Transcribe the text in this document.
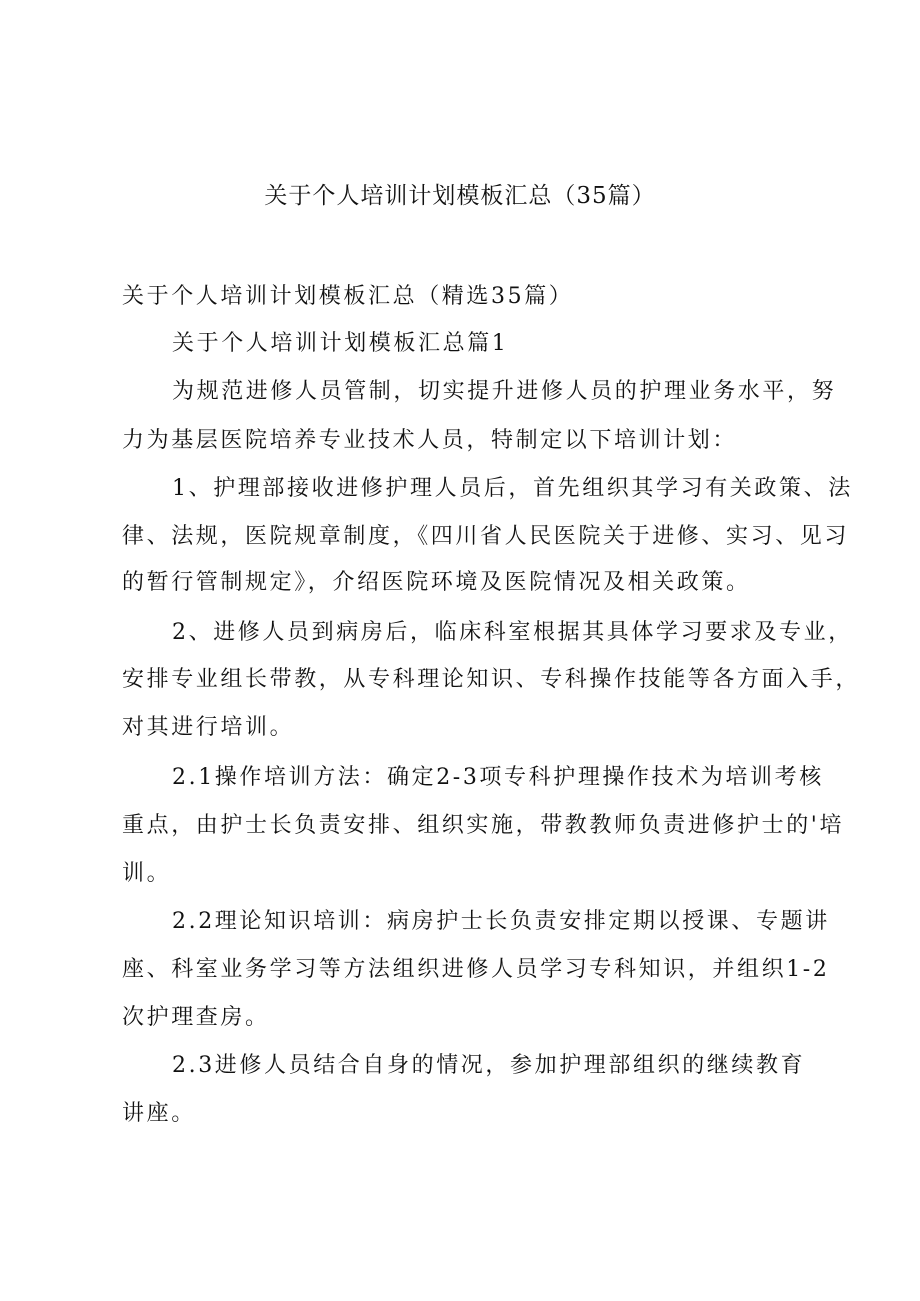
关于个人培训计划模板汇总（35篇）
关于个人培训计划模板汇总（精选35篇）
关于个人培训计划模板汇总篇1
为规范进修人员管制，切实提升进修人员的护理业务水平，努
力为基层医院培养专业技术人员，特制定以下培训计划：
1、护理部接收进修护理人员后，首先组织其学习有关政策、法
律、法规，医院规章制度，《四川省人民医院关于进修、实习、见习
的暂行管制规定》，介绍医院环境及医院情况及相关政策。
2、进修人员到病房后，临床科室根据其具体学习要求及专业，
安排专业组长带教，从专科理论知识、专科操作技能等各方面入手，
对其进行培训。
2.1操作培训方法：确定2-3项专科护理操作技术为培训考核
重点，由护士长负责安排、组织实施，带教教师负责进修护士的'培
训。
2.2理论知识培训：病房护士长负责安排定期以授课、专题讲
座、科室业务学习等方法组织进修人员学习专科知识，并组织1-2
次护理查房。
2.3进修人员结合自身的情况，参加护理部组织的继续教育
讲座。
